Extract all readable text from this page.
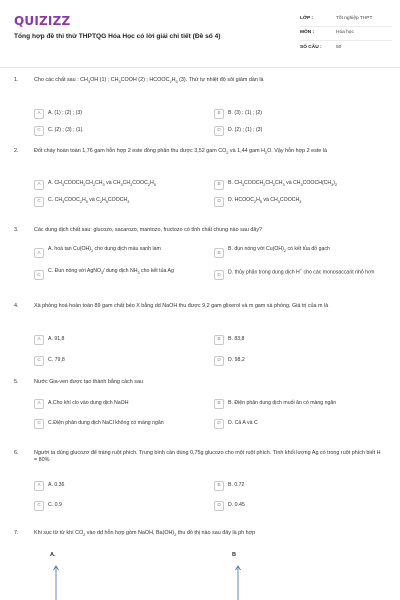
QUIZIZZ
Tổng hợp đề thi thử THPTQG Hóa Học có lời giải chi tiết (Đề số 4)
LỚP :	Tốt nghiệp THPT
MÔN :	Hóa học
SỐ CÂU :	50
1.	Cho các chất sau : $CH_3OH$ (1) ; $CH_3COOH$ (2) ; $HCOOC_2H_5$ (3). Thứ tự nhiệt độ sôi giảm dần là
A	A. (1) ; (2) ; (3)	B	B. (3) ; (1) ; (2)
C	C. (2) ; (3) ; (1).	D	D. (2) ; (1) ; (3)
2.	Đốt cháy hoàn toàn 1,76 gam hỗn hợp 2 este đồng phân thu được 3,52 gam $CO_2$ và 1,44 gam $H_2O$. Vậy hỗn hợp 2 este là
A	A. $CH_3COOCH_2CH_2CH_3$ và $CH_3CH_2COOC_2H_5$	B	B. $CH_3COOCH_2CH_2CH_3$ và $CH_3COOCH(CH_3)_2$
C	C. $CH_3COOC_2H_5$ và $C_2H_5COOCH_3$	D	D. $HCOOC_2H_5$ và $CH_3COOCH_3$
3.	Các dung dịch chất sau: glucozo, sacarozo, mantozo, fructozo có tính chất chung nào sau đây?
A
A. hoà $\tan Cu(OH)_2$ cho dung dịch màu xanh lam
B
B. đun nóng với $Cu(OH)_2$ có kết tủa đỏ gạch
C
C. Đun nóng với AgNO$_3$/ dung dịch $NH_3$ cho kết tủa Ag
D	D. thủy phân trong dung dịch H+ cho các monosaccarit nhỏ hơn
4.	Xà phòng hoá hoàn toàn 89 gam chất béo X bằng dd NaOH thu được 9,2 gam glixerol và m gam xà phòng. Giá trị của m là
A	A. 91,8	B	B. 83,8
C	C. 79,8	D	D. 98,2
5.	Nước Gia-ven được tạo thành bằng cách sau
A	A.Cho khí clo vào dung dịch NaOH	B	B. Điện phân dung dịch muối ăn có màng ngăn
C	C.Điện phân dung dịch NaCl không có màng ngăn	D	D. Cả A và C
6.	Người ta dùng glucozơ để tráng ruột phích. Trung bình cần dùng 0,75g glucozo cho một ruột phích. Tính khối lượng Ag có trong ruột phích biết H = 80%
A	A. 0.36	B	B. 0.72
C	C. 0.9	D	D. 0.45
7.	Khi sục từ từ khí $CO_2$ vào dd hỗn hợp gồm NaOH, $Ba(OH)_2$ thu đồ thị nào sau đây là ph hợp
A.	B
